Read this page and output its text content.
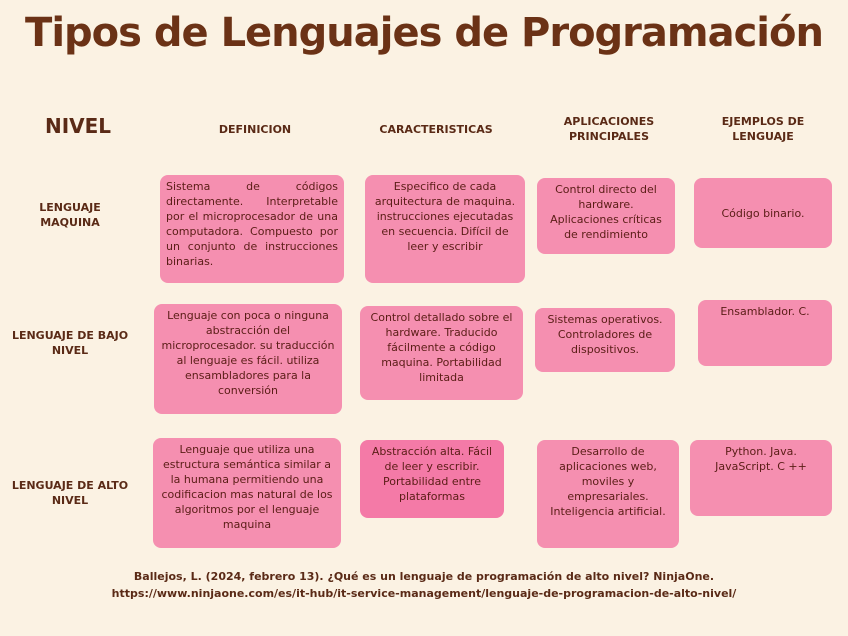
Tipos de Lenguajes de Programación
NIVEL	DEFINICION	CARACTERISTICAS
APLICACIONES PRINCIPALES
EJEMPLOS DE LENGUAJE
LENGUAJE MAQUINA
Sistema de códigos directamente. Interpretable por el microprocesador de una computadora. Compuesto por un conjunto de instrucciones binarias.
Especifico de cada arquitectura de maquina. instrucciones ejecutadas en secuencia. Difícil de leer y escribir
Control directo del hardware. Aplicaciones críticas de rendimiento
Código binario.
LENGUAJE DE BAJO NIVEL
Lenguaje con poca o ninguna abstracción del microprocesador. su traducción al lenguaje es fácil. utiliza ensambladores para la conversión
Control detallado sobre el hardware. Traducido fácilmente a código maquina. Portabilidad limitada
Sistemas operativos. Controladores de dispositivos.
Ensamblador. C.
LENGUAJE DE ALTO NIVEL
Lenguaje que utiliza una estructura semántica similar a la humana permitiendo una codificacion mas natural de los algoritmos por el lenguaje maquina
Abstracción alta. Fácil de leer y escribir. Portabilidad entre plataformas
Desarrollo de aplicaciones web, moviles y empresariales. Inteligencia artificial.
Python. Java. JavaScript. C ++
Ballejos, L. (2024, febrero 13). ¿Qué es un lenguaje de programación de alto nivel? NinjaOne.
https://www.ninjaone.com/es/it-hub/it-service-management/lenguaje-de-programacion-de-alto-nivel/
